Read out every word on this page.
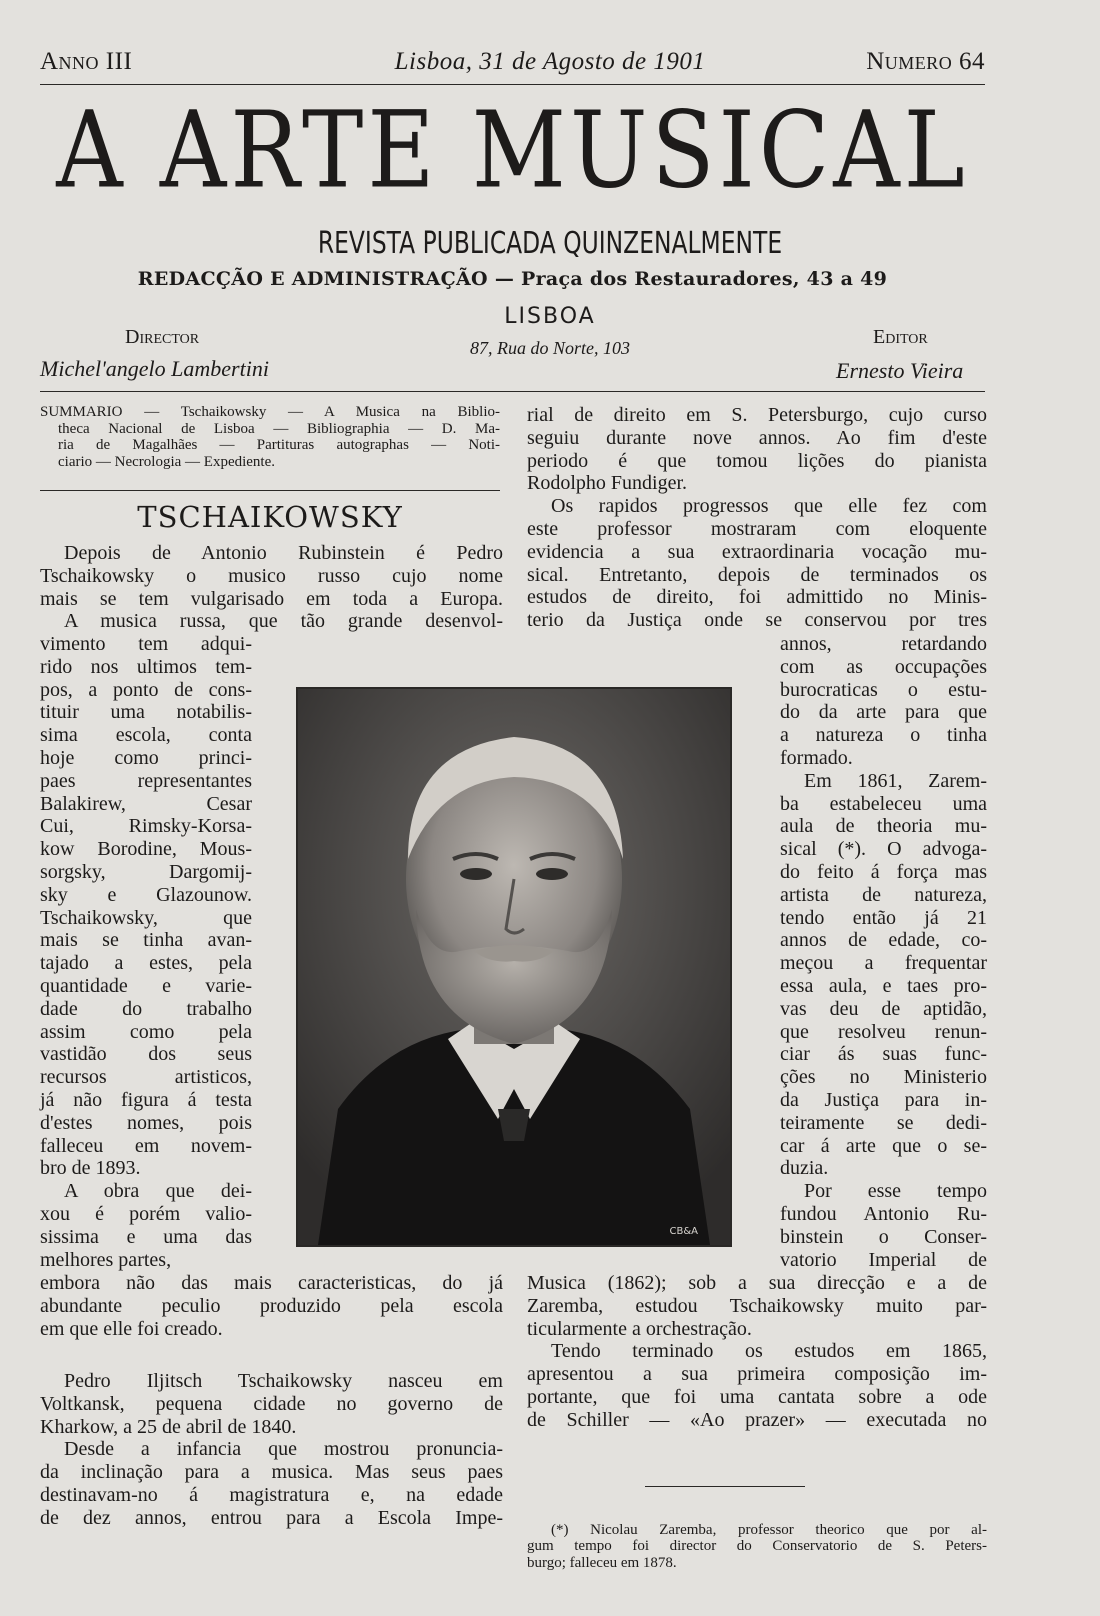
Anno III	Lisboa, 31 de Agosto de 1901	Numero 64
A ARTE MUSICAL
REVISTA PUBLICADA QUINZENALMENTE
REDACÇÃO E ADMINISTRAÇÃO — Praça dos Restauradores, 43 a 49
LISBOA
87, Rua do Norte, 103
Director
Michel'angelo Lambertini
Editor
Ernesto Vieira
SUMMARIO — Tschaikowsky — A Musica na Biblio-
theca Nacional de Lisboa — Bibliographia — D. Ma-
ria de Magalhães — Partituras autographas — Noti-
ciario — Necrologia — Expediente.
TSCHAIKOWSKY
Depois de Antonio Rubinstein é Pedro
Tschaikowsky o musico russo cujo nome
mais se tem vulgarisado em toda a Europa.
A musica russa, que tão grande desenvol-
vimento tem adqui-
rido nos ultimos tem-
pos, a ponto de cons-
tituir uma notabilis-
sima escola, conta
hoje como princi-
paes representantes
Balakirew, Cesar
Cui, Rimsky-Korsa-
kow Borodine, Mous-
sorgsky, Dargomij-
sky e Glazounow.
Tschaikowsky, que
mais se tinha avan-
tajado a estes, pela
quantidade e varie-
dade do trabalho
assim como pela
vastidão dos seus
recursos artisticos,
já não figura á testa
d'estes nomes, pois
falleceu em novem-
bro de 1893.
A obra que dei-
xou é porém valio-
sissima e uma das
melhores partes,
CB&A
embora não das mais caracteristicas, do já
abundante peculio produzido pela escola
em que elle foi creado.
Pedro Iljitsch Tschaikowsky nasceu em
Voltkansk, pequena cidade no governo de
Kharkow, a 25 de abril de 1840.
Desde a infancia que mostrou pronuncia-
da inclinação para a musica. Mas seus paes
destinavam-no á magistratura e, na edade
de dez annos, entrou para a Escola Impe-
rial de direito em S. Petersburgo, cujo curso
seguiu durante nove annos. Ao fim d'este
periodo é que tomou lições do pianista
Rodolpho Fundiger.
Os rapidos progressos que elle fez com
este professor mostraram com eloquente
evidencia a sua extraordinaria vocação mu-
sical. Entretanto, depois de terminados os
estudos de direito, foi admittido no Minis-
terio da Justiça onde se conservou por tres
annos, retardando
com as occupações
burocraticas o estu-
do da arte para que
a natureza o tinha
formado.
Em 1861, Zarem-
ba estabeleceu uma
aula de theoria mu-
sical (*). O advoga-
do feito á força mas
artista de natureza,
tendo então já 21
annos de edade, co-
meçou a frequentar
essa aula, e taes pro-
vas deu de aptidão,
que resolveu renun-
ciar ás suas func-
ções no Ministerio
da Justiça para in-
teiramente se dedi-
car á arte que o se-
duzia.
Por esse tempo
fundou Antonio Ru-
binstein o Conser-
vatorio Imperial de
Musica (1862); sob a sua direcção e a de
Zaremba, estudou Tschaikowsky muito par-
ticularmente a orchestração.
Tendo terminado os estudos em 1865,
apresentou a sua primeira composição im-
portante, que foi uma cantata sobre a ode
de Schiller — «Ao prazer» — executada no
(*) Nicolau Zaremba, professor theorico que por al-
gum tempo foi director do Conservatorio de S. Peters-
burgo; falleceu em 1878.
